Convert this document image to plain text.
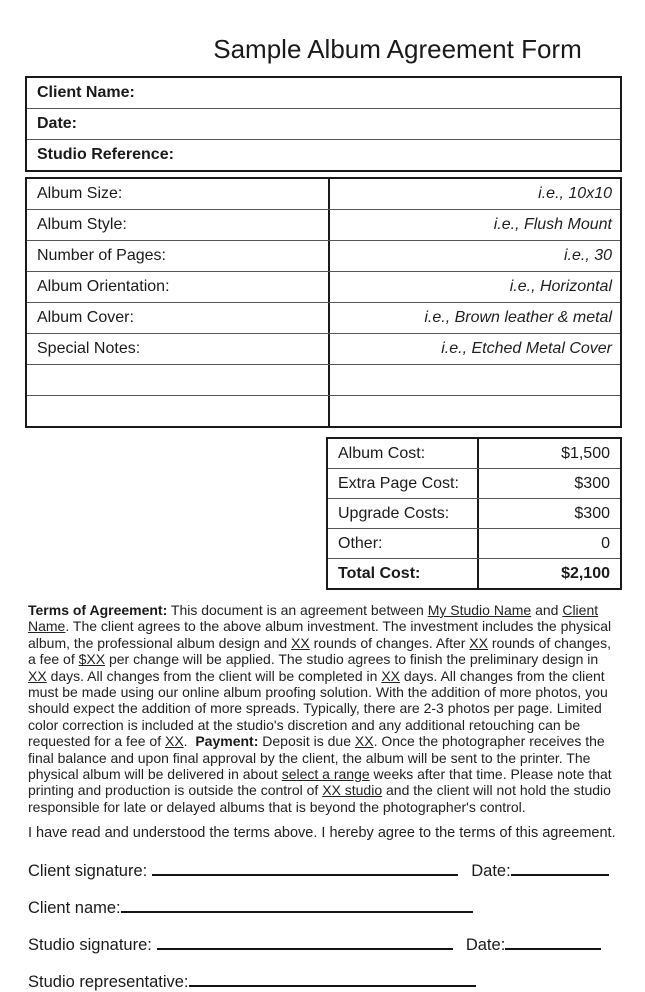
Sample Album Agreement Form
Client Name:
Date:
Studio Reference:
Album Size:	i.e., 10x10
Album Style:	i.e., Flush Mount
Number of Pages:	i.e., 30
Album Orientation:	i.e., Horizontal
Album Cover:	i.e., Brown leather & metal
Special Notes:	i.e., Etched Metal Cover
Album Cost:	$1,500
Extra Page Cost:	$300
Upgrade Costs:	$300
Other:	0
Total Cost:	$2,100

Terms of Agreement: This document is an agreement between My Studio Name and Client Name. The client agrees to the above album investment. The investment includes the physical album, the professional album design and XX rounds of changes. After XX rounds of changes, a fee of $XX per change will be applied. The studio agrees to finish the preliminary design in XX days. All changes from the client will be completed in XX days. All changes from the client must be made using our online album proofing solution. With the addition of more photos, you should expect the addition of more spreads. Typically, there are 2-3 photos per page. Limited color correction is included at the studio's discretion and any additional retouching can be requested for a fee of XX.  Payment: Deposit is due XX. Once the photographer receives the final balance and upon final approval by the client, the album will be sent to the printer. The physical album will be delivered in about select a range weeks after that time. Please note that printing and production is outside the control of XX studio and the client will not hold the studio responsible for late or delayed albums that is beyond the photographer's control.

I have read and understood the terms above. I hereby agree to the terms of this agreement.

Client signature:	Date:
Client name:
Studio signature:	Date:
Studio representative:
